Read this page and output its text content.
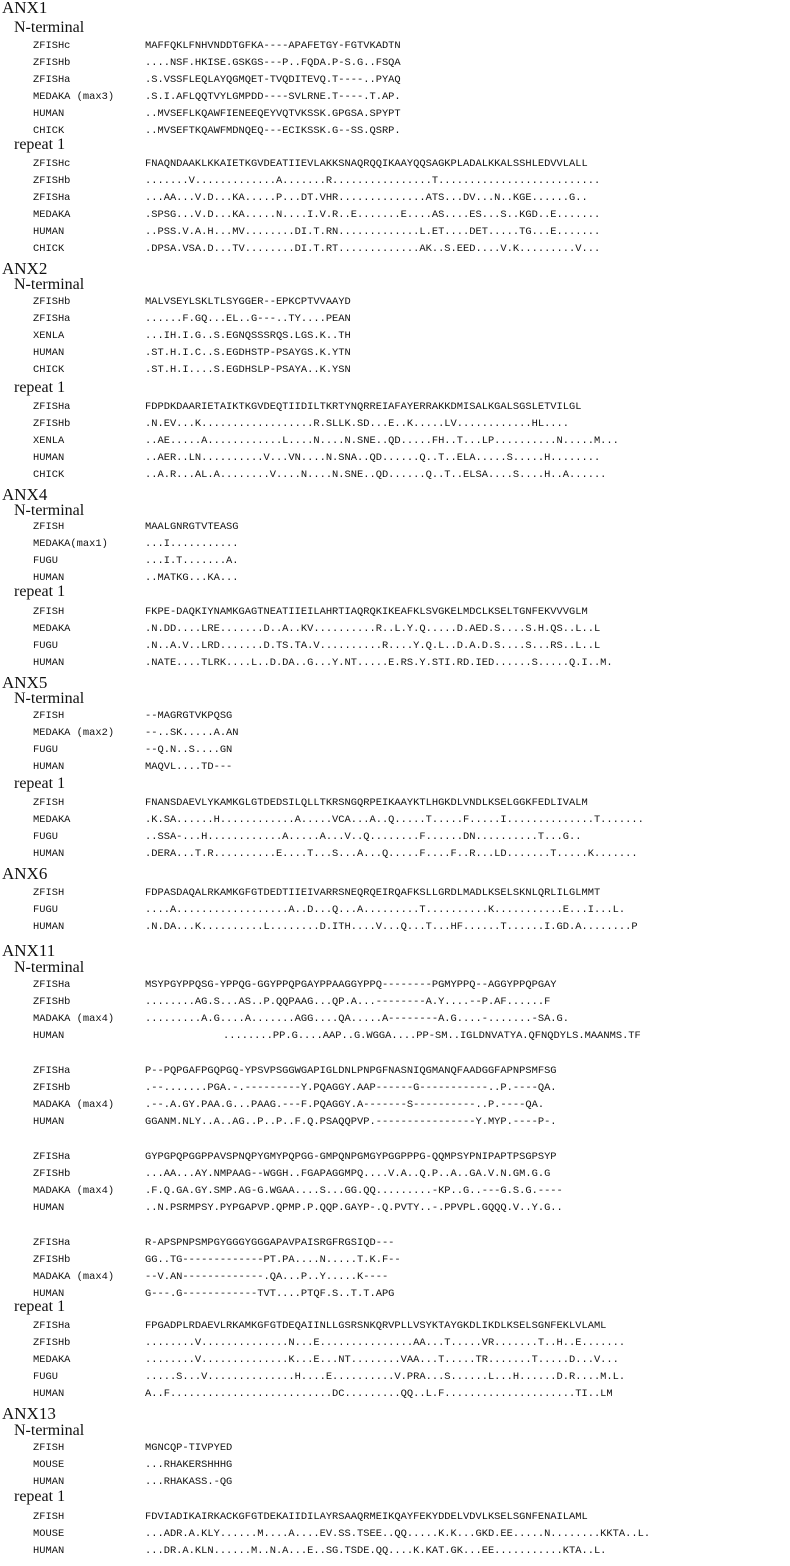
ANX1
N-terminal
ZFISHc	MAFFQKLFNHVNDDTGFKA----APAFETGY-FGTVKADTN
ZFISHb	....NSF.HKISE.GSKGS---P..FQDA.P-S.G..FSQA
ZFISHa	.S.VSSFLEQLAYQGMQET-TVQDITEVQ.T----..PYAQ
MEDAKA (max3)	.S.I.AFLQQTVYLGMPDD----SVLRNE.T----.T.AP.
HUMAN	..MVSEFLKQAWFIENEEQEYVQTVKSSK.GPGSA.SPYPT
CHICK	..MVSEFTKQAWFMDNQEQ---ECIKSSK.G--SS.QSRP.
repeat 1
ZFISHc	FNAQNDAAKLKKAIETKGVDEATIIEVLAKKSNAQRQQIKAAYQQSAGKPLADALKKALSSHLEDVVLALL
ZFISHb	.......V.............A.......R................T..........................
ZFISHa	...AA...V.D...KA.....P...DT.VHR..............ATS...DV...N..KGE......G..
MEDAKA	.SPSG...V.D...KA.....N....I.V.R..E.......E....AS....ES...S..KGD..E.......
HUMAN	..PSS.V.A.H...MV........DI.T.RN.............L.ET....DET.....TG...E.......
CHICK	.DPSA.VSA.D...TV........DI.T.RT.............AK..S.EED....V.K.........V...
ANX2
N-terminal
ZFISHb	MALVSEYLSKLTLSYGGER--EPKCPTVVAAYD
ZFISHa	......F.GQ...EL..G---..TY....PEAN
XENLA	...IH.I.G..S.EGNQSSSRQS.LGS.K..TH
HUMAN	.ST.H.I.C..S.EGDHSTP-PSAYGS.K.YTN
CHICK	.ST.H.I....S.EGDHSLP-PSAYA..K.YSN
repeat 1
ZFISHa	FDPDKDAARIETAIKTKGVDEQTIIDILTKRTYNQRREIAFAYERRAKKDMISALKGALSGSLETVILGL
ZFISHb	.N.EV...K..................R.SLLK.SD...E..K.....LV............HL....
XENLA	..AE.....A............L....N....N.SNE..QD.....FH..T...LP..........N.....M...
HUMAN	..AER..LN..........V...VN....N.SNA..QD......Q..T..ELA.....S.....H........
CHICK	..A.R...AL.A........V....N....N.SNE..QD......Q..T..ELSA....S....H..A......
ANX4
N-terminal
ZFISH	MAALGNRGTVTEASG
MEDAKA(max1)	...I...........
FUGU	...I.T.......A.
HUMAN	..MATKG...KA...
repeat 1
ZFISH	FKPE-DAQKIYNAMKGAGTNEATIIEILAHRTIAQRQKIKEAFKLSVGKELMDCLKSELTGNFEKVVVGLM
MEDAKA	.N.DD....LRE.......D..A..KV..........R..L.Y.Q.....D.AED.S....S.H.QS..L..L
FUGU	.N..A.V..LRD.......D.TS.TA.V..........R....Y.Q.L..D.A.D.S....S...RS..L..L
HUMAN	.NATE....TLRK....L..D.DA..G...Y.NT.....E.RS.Y.STI.RD.IED......S.....Q.I..M.
ANX5
N-terminal
ZFISH	--MAGRGTVKPQSG
MEDAKA (max2)	--..SK.....A.AN
FUGU	--Q.N..S....GN
HUMAN	MAQVL....TD---
repeat 1
ZFISH	FNANSDAEVLYKAMKGLGTDEDSILQLLTKRSNGQRPEIKAAYKTLHGKDLVNDLKSELGGKFEDLIVALM
MEDAKA	.K.SA......H............A.....VCA...A..Q.....T.....F.....I..............T.......
FUGU	..SSA-...H............A.....A...V..Q........F......DN..........T...G..
HUMAN	.DERA...T.R..........E....T...S...A...Q.....F....F..R...LD.......T.....K.......
ANX6
ZFISH	FDPASDAQALRKAMKGFGTDEDTIIEIVARRSNEQRQEIRQAFKSLLGRDLMADLKSELSKNLQRLILGLMMT
FUGU	....A..................A..D...Q...A.........T..........K...........E...I...L.
HUMAN	.N.DA...K..........L........D.ITH....V...Q...T...HF......T......I.GD.A........P
ANX11
N-terminal
ZFISHa	MSYPGYPPQSG-YPPQG-GGYPPQPGAYPPAAGGYPPQ--------PGMYPPQ--AGGYPPQPGAY
ZFISHb	........AG.S...AS..P.QQPAAG...QP.A...--------A.Y....--P.AF......F
MADAKA (max4)	.........A.G....A.......AGG....QA.....A--------A.G....-.......-SA.G.
HUMAN	........PP.G....AAP..G.WGGA....PP-SM..IGLDNVATYA.QFNQDYLS.MAANMS.TF
ZFISHa	P--PQPGAFPGQPGQ-YPSVPSGGWGAPIGLDNLPNPGFNASNIQGMANQFAADGGFAPNPSMFSG
ZFISHb	.--.......PGA.-.---------Y.PQAGGY.AAP------G-----------..P.----QA.
MADAKA (max4)	.--.A.GY.PAA.G...PAAG.---F.PQAGGY.A-------S----------..P.----QA.
HUMAN	GGANM.NLY..A..AG..P..P..F.Q.PSAQQPVP.----------------Y.MYP.----P-.
ZFISHa	GYPGPQPGGPPAVSPNQPYGMYPQPGG-GMPQNPGMGYPGGPPPG-QQMPSYPNIPAPTPSGPSYP
ZFISHb	...AA...AY.NMPAAG--WGGH..FGAPAGGMPQ....V.A..Q.P..A..GA.V.N.GM.G.G
MADAKA (max4)	.F.Q.GA.GY.SMP.AG-G.WGAA....S...GG.QQ.........-KP..G..---G.S.G.----
HUMAN	..N.PSRMPSY.PYPGAPVP.QPMP.P.QQP.GAYP-.Q.PVTY..-.PPVPL.GQQQ.V..Y.G..
ZFISHa	R-APSPNPSMPGYGGGYGGGAPAVPAISRGFRGSIQD---
ZFISHb	GG..TG-------------PT.PA....N.....T.K.F--
MADAKA (max4)	--V.AN-------------.QA...P..Y.....K----
HUMAN	G---.G------------TVT....PTQF.S..T.T.APG
repeat 1
ZFISHa	FPGADPLRDAEVLRKAMKGFGTDEQAIINLLGSRSNKQRVPLLVSYKTAYGKDLIKDLKSELSGNFEKLVLAML
ZFISHb	........V..............N...E...............AA...T.....VR.......T..H..E.......
MEDAKA	........V..............K...E...NT........VAA...T.....TR.......T.....D...V...
FUGU	.....S...V..............H....E..........V.PRA...S......L...H......D.R....M.L.
HUMAN	A..F..........................DC.........QQ..L.F.....................TI..LM
ANX13
N-terminal
ZFISH	MGNCQP-TIVPYED
MOUSE	...RHAKERSHHHG
HUMAN	...RHAKASS.-QG
repeat 1
ZFISH	FDVIADIKAIRKACKGFGTDEKAIIDILAYRSAAQRMEIKQAYFEKYDDELVDVLKSELSGNFENAILAML
MOUSE	...ADR.A.KLY......M....A....EV.SS.TSEE..QQ.....K.K...GKD.EE.....N........KKTA..L.
HUMAN	...DR.A.KLN......M..N.A...E..SG.TSDE.QQ....K.KAT.GK...EE...........KTA..L.
